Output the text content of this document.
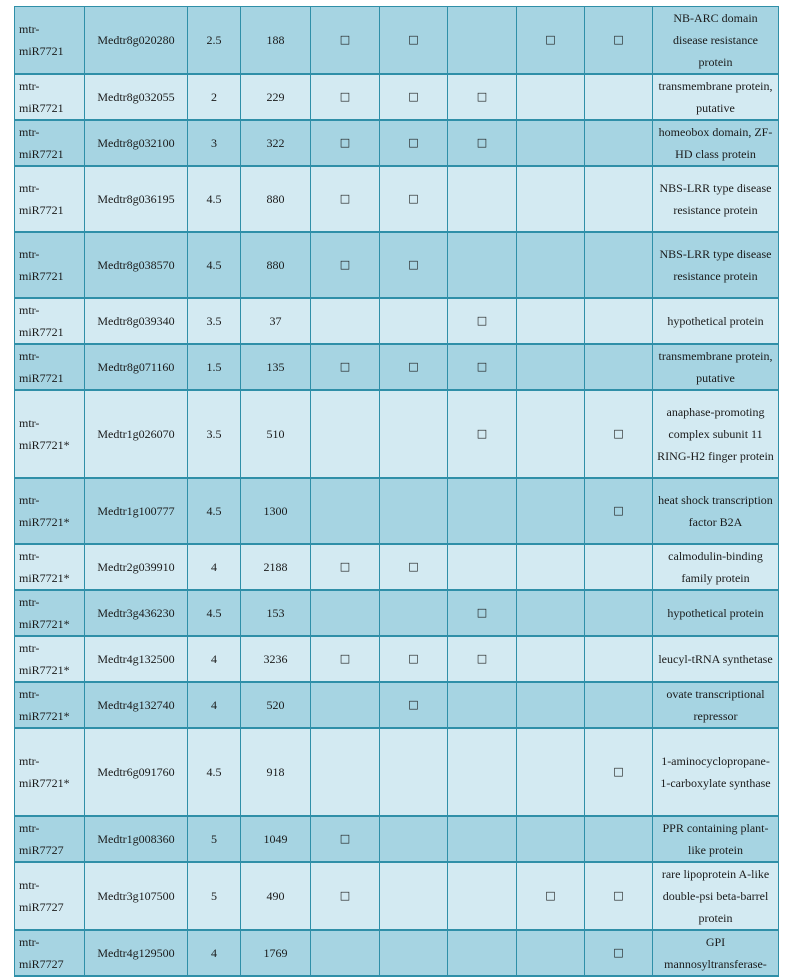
mtr-miR7721	Medtr8g020280	2.5	188	□	□		□	□	NB-ARC domain disease resistance protein
mtr-miR7721	Medtr8g032055	2	229	□	□	□			transmembrane protein, putative
mtr-miR7721	Medtr8g032100	3	322	□	□	□			homeobox domain, ZF-HD class protein
mtr-miR7721	Medtr8g036195	4.5	880	□	□				NBS-LRR type disease resistance protein
mtr-miR7721	Medtr8g038570	4.5	880	□	□				NBS-LRR type disease resistance protein
mtr-miR7721	Medtr8g039340	3.5	37			□			hypothetical protein
mtr-miR7721	Medtr8g071160	1.5	135	□	□	□			transmembrane protein, putative
mtr-miR7721*	Medtr1g026070	3.5	510			□		□	anaphase-promoting complex subunit 11 RING-H2 finger protein
mtr-miR7721*	Medtr1g100777	4.5	1300					□	heat shock transcription factor B2A
mtr-miR7721*	Medtr2g039910	4	2188	□	□				calmodulin-binding family protein
mtr-miR7721*	Medtr3g436230	4.5	153			□			hypothetical protein
mtr-miR7721*	Medtr4g132500	4	3236	□	□	□			leucyl-tRNA synthetase
mtr-miR7721*	Medtr4g132740	4	520		□				ovate transcriptional repressor
mtr-miR7721*	Medtr6g091760	4.5	918					□	1-aminocyclopropane-1-carboxylate synthase
mtr-miR7727	Medtr1g008360	5	1049	□					PPR containing plant-like protein
mtr-miR7727	Medtr3g107500	5	490	□			□	□	rare lipoprotein A-like double-psi beta-barrel protein
mtr-miR7727	Medtr4g129500	4	1769					□	GPI mannosyltransferase-
